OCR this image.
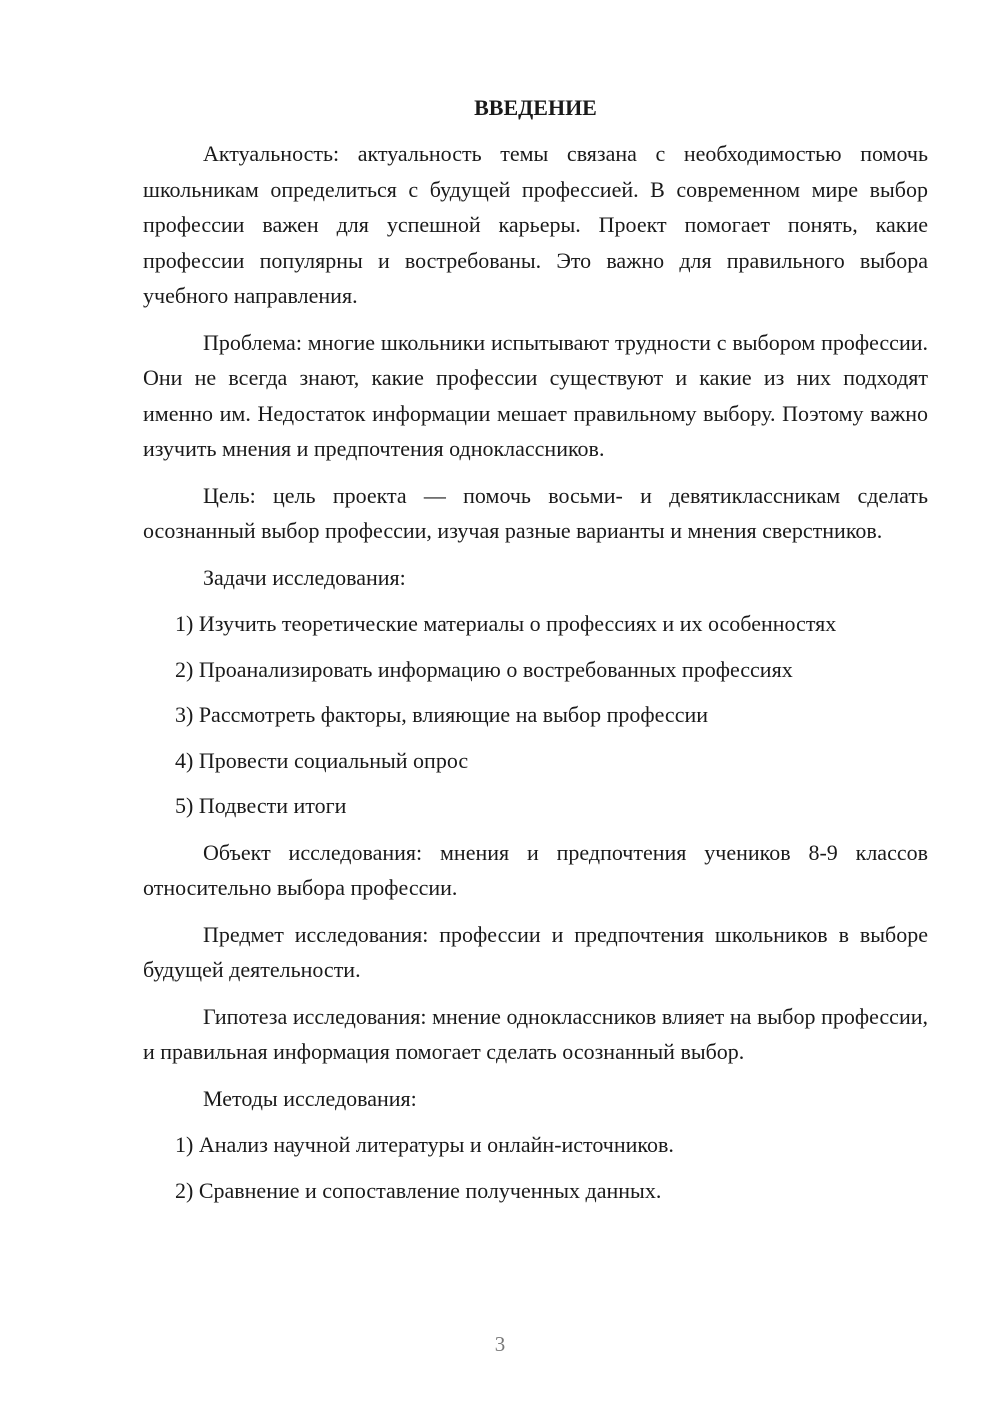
ВВЕДЕНИЕ

Актуальность: актуальность темы связана с необходимостью помочь школьникам определиться с будущей профессией. В современном мире выбор профессии важен для успешной карьеры. Проект помогает понять, какие профессии популярны и востребованы. Это важно для правильного выбора учебного направления.

Проблема: многие школьники испытывают трудности с выбором профессии. Они не всегда знают, какие профессии существуют и какие из них подходят именно им. Недостаток информации мешает правильному выбору. Поэтому важно изучить мнения и предпочтения одноклассников.

Цель: цель проекта — помочь восьми- и девятиклассникам сделать осознанный выбор профессии, изучая разные варианты и мнения сверстников.

Задачи исследования:

1) Изучить теоретические материалы о профессиях и их особенностях
2) Проанализировать информацию о востребованных профессиях
3) Рассмотреть факторы, влияющие на выбор профессии
4) Провести социальный опрос
5) Подвести итоги

Объект исследования: мнения и предпочтения учеников 8-9 классов относительно выбора профессии.

Предмет исследования: профессии и предпочтения школьников в выборе будущей деятельности.

Гипотеза исследования: мнение одноклассников влияет на выбор профессии, и правильная информация помогает сделать осознанный выбор.

Методы исследования:

1) Анализ научной литературы и онлайн-источников.
2) Сравнение и сопоставление полученных данных.
3
